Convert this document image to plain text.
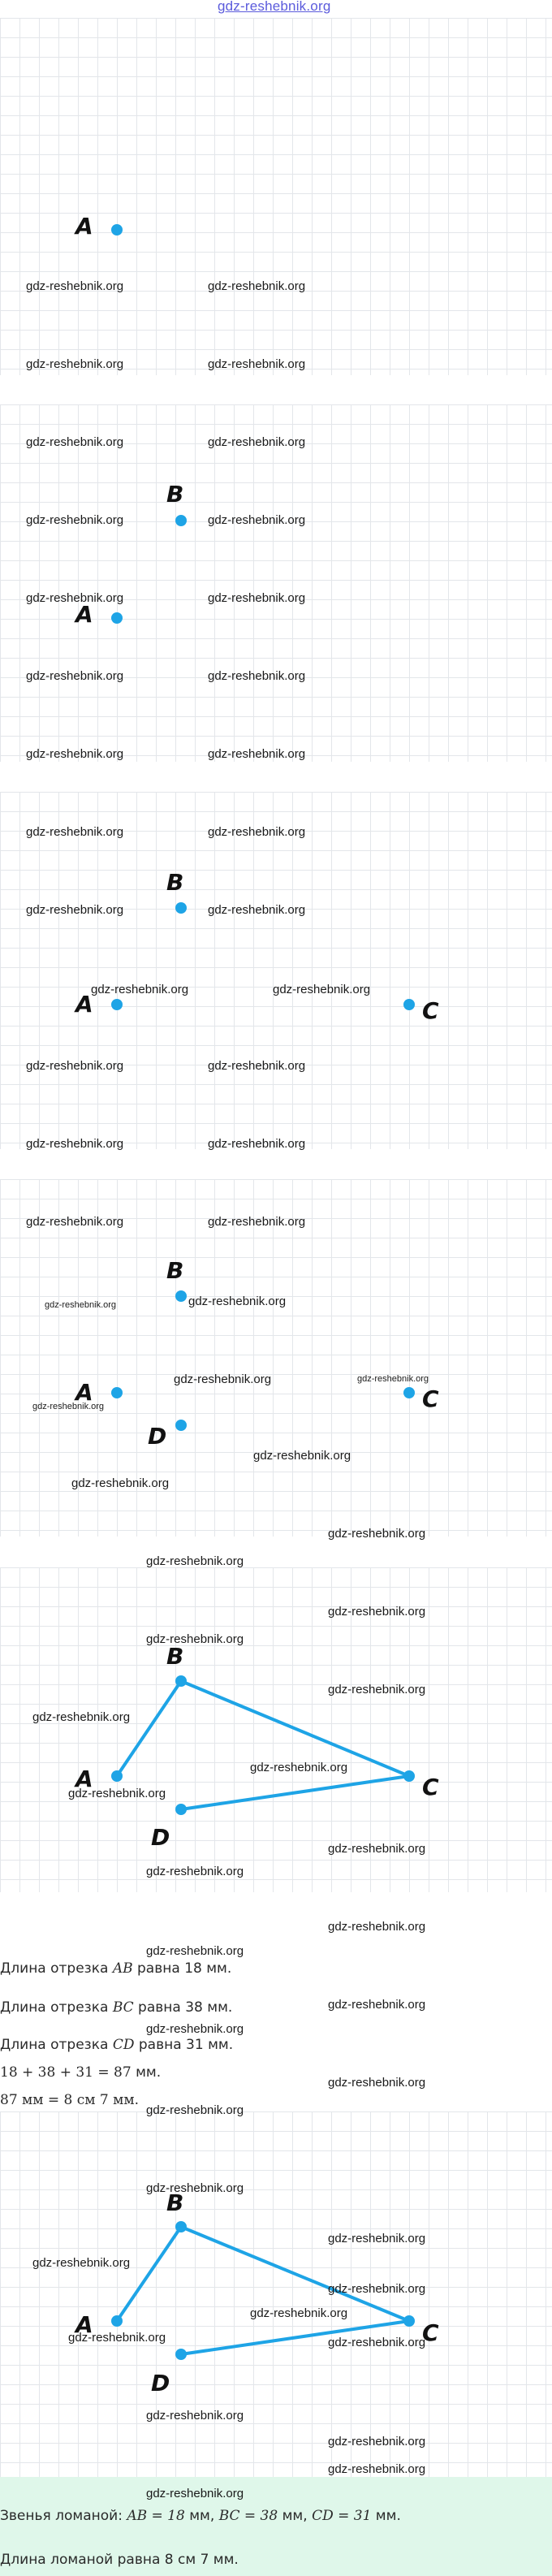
gdz-reshebnik.org
A
gdz-reshebnik.org	gdz-reshebnik.org
gdz-reshebnik.org	gdz-reshebnik.org
gdz-reshebnik.org	gdz-reshebnik.org
B
gdz-reshebnik.org	gdz-reshebnik.org
gdz-reshebnik.org	gdz-reshebnik.org
A
gdz-reshebnik.org	gdz-reshebnik.org
gdz-reshebnik.org	gdz-reshebnik.org
gdz-reshebnik.org	gdz-reshebnik.org
B
gdz-reshebnik.org	gdz-reshebnik.org
gdz-reshebnik.org	gdz-reshebnik.org
A	C
gdz-reshebnik.org	gdz-reshebnik.org
gdz-reshebnik.org	gdz-reshebnik.org
gdz-reshebnik.org	gdz-reshebnik.org
B
gdz-reshebnik.org	gdz-reshebnik.org
gdz-reshebnik.org	gdz-reshebnik.org
A
gdz-reshebnik.org	C
D
gdz-reshebnik.org
gdz-reshebnik.org
gdz-reshebnik.org
gdz-reshebnik.org
gdz-reshebnik.org
gdz-reshebnik.org
B
gdz-reshebnik.org
gdz-reshebnik.org
gdz-reshebnik.org
A	C
gdz-reshebnik.org
D	gdz-reshebnik.org
gdz-reshebnik.org
gdz-reshebnik.org
gdz-reshebnik.org
Длина отрезка AB равна 18 мм.
gdz-reshebnik.org
Длина отрезка BC равна 38 мм.
gdz-reshebnik.org
Длина отрезка CD равна 31 мм.
18 + 38 + 31 = 87 мм.
gdz-reshebnik.org
87 мм = 8 см 7 мм.
gdz-reshebnik.org
gdz-reshebnik.org
B
gdz-reshebnik.org
gdz-reshebnik.org
gdz-reshebnik.org
gdz-reshebnik.org
A	C
gdz-reshebnik.org	gdz-reshebnik.org
D
gdz-reshebnik.org
gdz-reshebnik.org
gdz-reshebnik.org
gdz-reshebnik.org
Звенья ломаной: AB = 18 мм, BC = 38 мм, CD = 31 мм.
Длина ломаной равна 8 см 7 мм.
